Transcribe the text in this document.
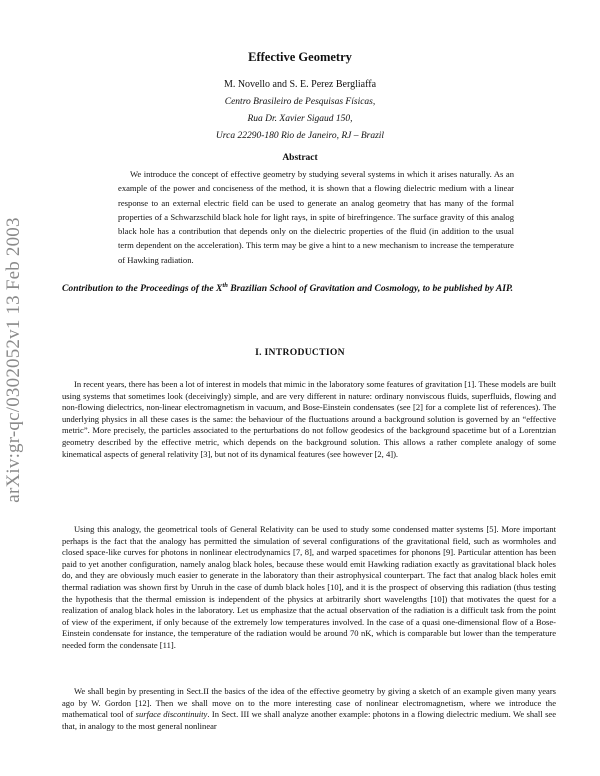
arXiv:gr-qc/0302052v1 13 Feb 2003
Effective Geometry
M. Novello and S. E. Perez Bergliaffa
Centro Brasileiro de Pesquisas Físicas,
Rua Dr. Xavier Sigaud 150,
Urca 22290-180 Rio de Janeiro, RJ – Brazil
Abstract

We introduce the concept of effective geometry by studying several systems in which it arises naturally. As an example of the power and conciseness of the method, it is shown that a flowing dielectric medium with a linear response to an external electric field can be used to generate an analog geometry that has many of the formal properties of a Schwarzschild black hole for light rays, in spite of birefringence. The surface gravity of this analog black hole has a contribution that depends only on the dielectric properties of the fluid (in addition to the usual term dependent on the acceleration). This term may be give a hint to a new mechanism to increase the temperature of Hawking radiation.

Contribution to the Proceedings of the Xth Brazilian School of Gravitation and Cosmology, to be published by AIP.

I. INTRODUCTION

In recent years, there has been a lot of interest in models that mimic in the laboratory some features of gravitation [1]. These models are built using systems that sometimes look (deceivingly) simple, and are very different in nature: ordinary nonviscous fluids, superfluids, flowing and non-flowing dielectrics, non-linear electromagnetism in vacuum, and Bose-Einstein condensates (see [2] for a complete list of references). The underlying physics in all these cases is the same: the behaviour of the fluctuations around a background solution is governed by an “effective metric”. More precisely, the particles associated to the perturbations do not follow geodesics of the background spacetime but of a Lorentzian geometry described by the effective metric, which depends on the background solution. This allows a rather complete analogy of some kinematical aspects of general relativity [3], but not of its dynamical features (see however [2, 4]).

Using this analogy, the geometrical tools of General Relativity can be used to study some condensed matter systems [5]. More important perhaps is the fact that the analogy has permitted the simulation of several configurations of the gravitational field, such as wormholes and closed space-like curves for photons in nonlinear electrodynamics [7, 8], and warped spacetimes for phonons [9]. Particular attention has been paid to yet another configuration, namely analog black holes, because these would emit Hawking radiation exactly as gravitational black holes do, and they are obviously much easier to generate in the laboratory than their astrophysical counterpart. The fact that analog black holes emit thermal radiation was shown first by Unruh in the case of dumb black holes [10], and it is the prospect of observing this radiation (thus testing the hypothesis that the thermal emission is independent of the physics at arbitrarily short wavelengths [10]) that motivates the quest for a realization of analog black holes in the laboratory. Let us emphasize that the actual observation of the radiation is a difficult task from the point of view of the experiment, if only because of the extremely low temperatures involved. In the case of a quasi one-dimensional flow of a Bose-Einstein condensate for instance, the temperature of the radiation would be around 70 nK, which is comparable but lower than the temperature needed form the condensate [11].

We shall begin by presenting in Sect.II the basics of the idea of the effective geometry by giving a sketch of an example given many years ago by W. Gordon [12]. Then we shall move on to the more interesting case of nonlinear electromagnetism, where we introduce the mathematical tool of surface discontinuity. In Sect. III we shall analyze another example: photons in a flowing dielectric medium. We shall see that, in analogy to the most general nonlinear
